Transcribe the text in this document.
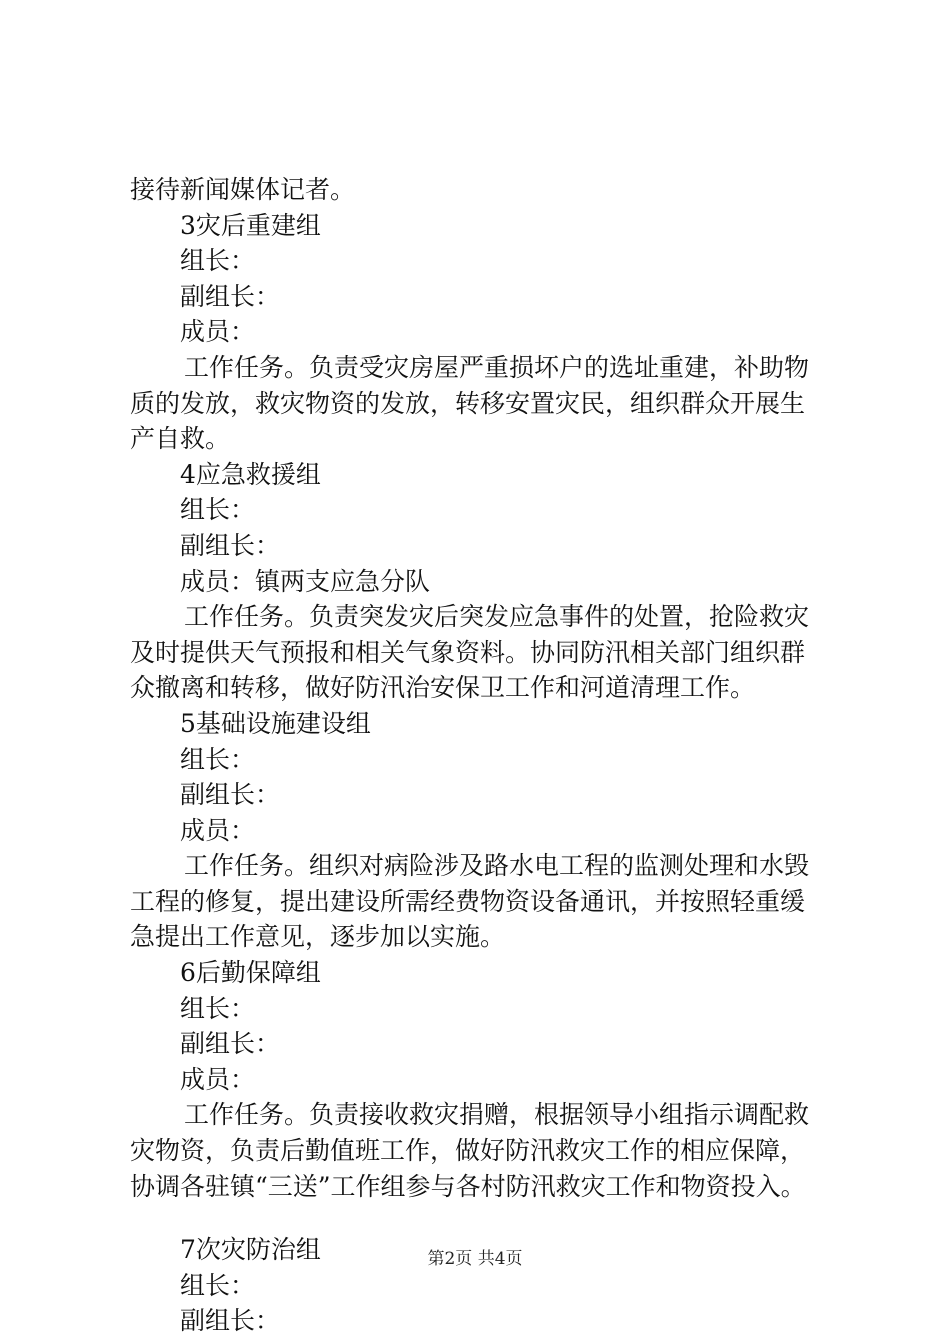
接待新闻媒体记者。
3灾后重建组
组长：
副组长：
成员：
工作任务。负责受灾房屋严重损坏户的选址重建，补助物
质的发放，救灾物资的发放，转移安置灾民，组织群众开展生
产自救。
4应急救援组
组长：
副组长：
成员：镇两支应急分队
工作任务。负责突发灾后突发应急事件的处置，抢险救灾
及时提供天气预报和相关气象资料。协同防汛相关部门组织群
众撤离和转移，做好防汛治安保卫工作和河道清理工作。
5基础设施建设组
组长：
副组长：
成员：
工作任务。组织对病险涉及路水电工程的监测处理和水毁
工程的修复，提出建设所需经费物资设备通讯，并按照轻重缓
急提出工作意见，逐步加以实施。
6后勤保障组
组长：
副组长：
成员：
工作任务。负责接收救灾捐赠，根据领导小组指示调配救
灾物资，负责后勤值班工作，做好防汛救灾工作的相应保障，
协调各驻镇“三送”工作组参与各村防汛救灾工作和物资投入。
7次灾防治组
组长：
副组长：
第2页 共4页
